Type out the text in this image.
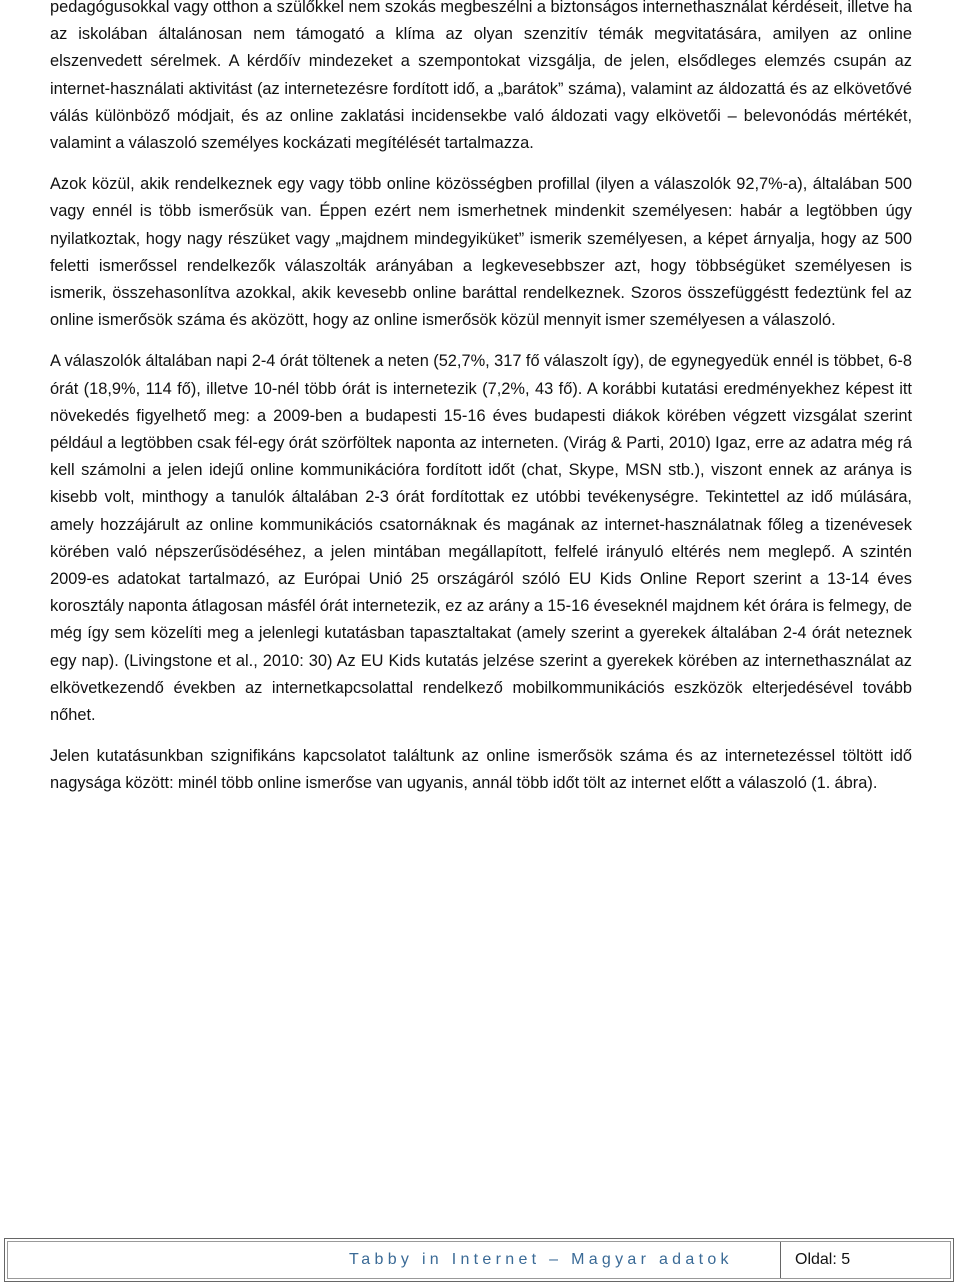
pedagógusokkal vagy otthon a szülőkkel nem szokás megbeszélni a biztonságos internethasználat kérdéseit, illetve ha az iskolában általánosan nem támogató a klíma az olyan szenzitív témák megvitatására, amilyen az online elszenvedett sérelmek. A kérdőív mindezeket a szempontokat vizsgálja, de jelen, elsődleges elemzés csupán az internet-használati aktivitást (az internetezésre fordított idő, a „barátok” száma), valamint az áldozattá és az elkövetővé válás különböző módjait, és az online zaklatási incidensekbe való áldozati vagy elkövetői – belevonódás mértékét, valamint a válaszoló személyes kockázati megítélését tartalmazza.

Azok közül, akik rendelkeznek egy vagy több online közösségben profillal (ilyen a válaszolók 92,7%-a), általában 500 vagy ennél is több ismerősük van. Éppen ezért nem ismerhetnek mindenkit személyesen: habár a legtöbben úgy nyilatkoztak, hogy nagy részüket vagy „majdnem mindegyiküket” ismerik személyesen, a képet árnyalja, hogy az 500 feletti ismerőssel rendelkezők válaszolták arányában a legkevesebbszer azt, hogy többségüket személyesen is ismerik, összehasonlítva azokkal, akik kevesebb online baráttal rendelkeznek. Szoros összefüggéstt fedeztünk fel az online ismerősök száma és aközött, hogy az online ismerősök közül mennyit ismer személyesen a válaszoló.

A válaszolók általában napi 2-4 órát töltenek a neten (52,7%, 317 fő válaszolt így), de egynegyedük ennél is többet, 6-8 órát (18,9%, 114 fő), illetve 10-nél több órát is internetezik (7,2%, 43 fő). A korábbi kutatási eredményekhez képest itt növekedés figyelhető meg: a 2009-ben a budapesti 15-16 éves budapesti diákok körében végzett vizsgálat szerint például a legtöbben csak fél-egy órát szörföltek naponta az interneten. (Virág & Parti, 2010) Igaz, erre az adatra még rá kell számolni a jelen idejű online kommunikációra fordított időt (chat, Skype, MSN stb.), viszont ennek az aránya is kisebb volt, minthogy a tanulók általában 2-3 órát fordítottak ez utóbbi tevékenységre. Tekintettel az idő múlására, amely hozzájárult az online kommunikációs csatornáknak és magának az internet-használatnak főleg a tizenévesek körében való népszerűsödéséhez, a jelen mintában megállapított, felfelé irányuló eltérés nem meglepő. A szintén 2009-es adatokat tartalmazó, az Európai Unió 25 országáról szóló EU Kids Online Report szerint a 13-14 éves korosztály naponta átlagosan másfél órát internetezik, ez az arány a 15-16 éveseknél majdnem két órára is felmegy, de még így sem közelíti meg a jelenlegi kutatásban tapasztaltakat (amely szerint a gyerekek általában 2-4 órát neteznek egy nap). (Livingstone et al., 2010: 30) Az EU Kids kutatás jelzése szerint a gyerekek körében az internethasználat az elkövetkezendő években az internetkapcsolattal rendelkező mobilkommunikációs eszközök elterjedésével tovább nőhet.

Jelen kutatásunkban szignifikáns kapcsolatot találtunk az online ismerősök száma és az internetezéssel töltött idő nagysága között: minél több online ismerőse van ugyanis, annál több időt tölt az internet előtt a válaszoló (1. ábra).

Tabby in Internet – Magyar adatok	Oldal: 5
